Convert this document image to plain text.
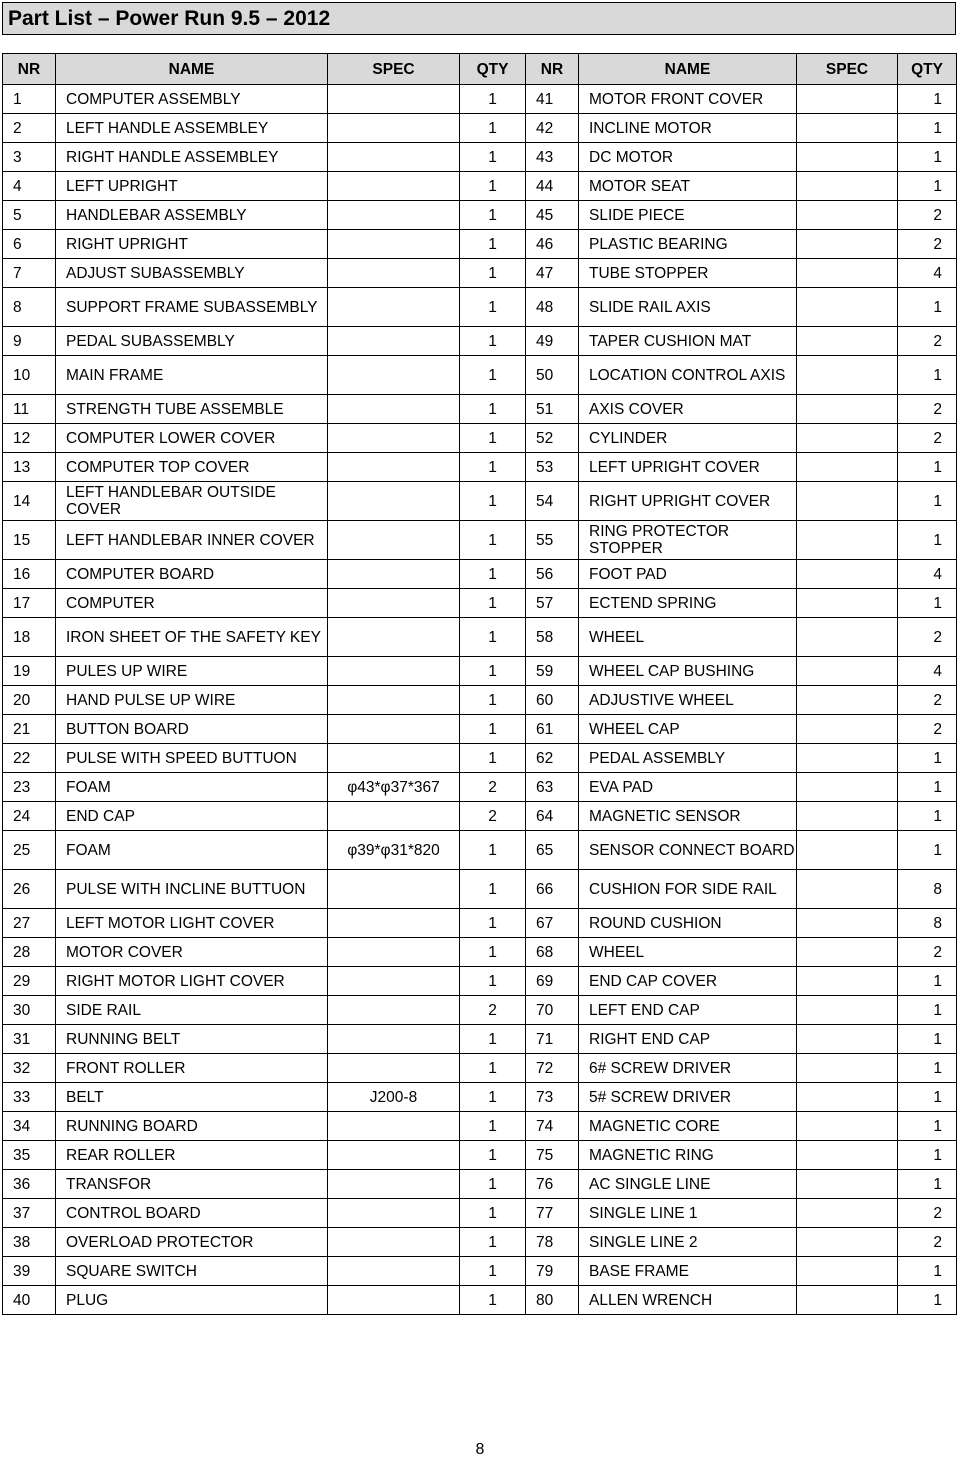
Part List – Power Run 9.5 – 2012
NR	NAME	SPEC	QTY	NR	NAME	SPEC	QTY
1	COMPUTER ASSEMBLY		1	41	MOTOR FRONT COVER		1
2	LEFT HANDLE ASSEMBLEY		1	42	INCLINE MOTOR		1
3	RIGHT HANDLE ASSEMBLEY		1	43	DC MOTOR		1
4	LEFT UPRIGHT		1	44	MOTOR SEAT		1
5	HANDLEBAR ASSEMBLY		1	45	SLIDE PIECE		2
6	RIGHT UPRIGHT		1	46	PLASTIC BEARING		2
7	ADJUST SUBASSEMBLY		1	47	TUBE STOPPER		4
8	SUPPORT FRAME SUBASSEMBLY		1	48	SLIDE RAIL AXIS		1
9	PEDAL SUBASSEMBLY		1	49	TAPER CUSHION MAT		2
10	MAIN FRAME		1	50	LOCATION CONTROL AXIS		1
11	STRENGTH TUBE ASSEMBLE		1	51	AXIS COVER		2
12	COMPUTER LOWER COVER		1	52	CYLINDER		2
13	COMPUTER TOP COVER		1	53	LEFT UPRIGHT COVER		1
14	LEFT HANDLEBAR OUTSIDE COVER		1	54	RIGHT UPRIGHT COVER		1
15	LEFT HANDLEBAR INNER COVER		1	55	RING PROTECTOR STOPPER		1
16	COMPUTER BOARD		1	56	FOOT PAD		4
17	COMPUTER		1	57	ECTEND SPRING		1
18	IRON SHEET OF THE SAFETY KEY		1	58	WHEEL		2
19	PULES UP WIRE		1	59	WHEEL CAP BUSHING		4
20	HAND PULSE UP WIRE		1	60	ADJUSTIVE WHEEL		2
21	BUTTON BOARD		1	61	WHEEL CAP		2
22	PULSE WITH SPEED BUTTUON		1	62	PEDAL ASSEMBLY		1
23	FOAM	φ43*φ37*367	2	63	EVA PAD		1
24	END CAP		2	64	MAGNETIC SENSOR		1
25	FOAM	φ39*φ31*820	1	65	SENSOR CONNECT BOARD		1
26	PULSE WITH INCLINE BUTTUON		1	66	CUSHION FOR SIDE RAIL		8
27	LEFT MOTOR LIGHT COVER		1	67	ROUND CUSHION		8
28	MOTOR COVER		1	68	WHEEL		2
29	RIGHT MOTOR LIGHT COVER		1	69	END CAP COVER		1
30	SIDE RAIL		2	70	LEFT END CAP		1
31	RUNNING BELT		1	71	RIGHT END CAP		1
32	FRONT ROLLER		1	72	6# SCREW DRIVER		1
33	BELT	J200-8	1	73	5# SCREW DRIVER		1
34	RUNNING BOARD		1	74	MAGNETIC CORE		1
35	REAR ROLLER		1	75	MAGNETIC RING		1
36	TRANSFOR		1	76	AC SINGLE LINE		1
37	CONTROL BOARD		1	77	SINGLE LINE 1		2
38	OVERLOAD PROTECTOR		1	78	SINGLE LINE 2		2
39	SQUARE SWITCH		1	79	BASE FRAME		1
40	PLUG		1	80	ALLEN WRENCH		1
8
